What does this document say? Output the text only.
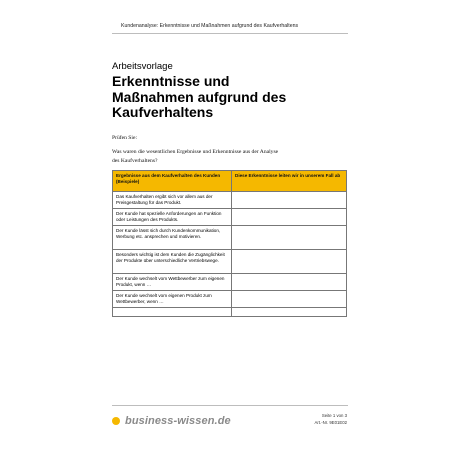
Kundenanalyse: Erkenntnisse und Maßnahmen aufgrund des Kaufverhaltens
Arbeitsvorlage
Erkenntnisse und
Maßnahmen aufgrund des
Kaufverhaltens
Prüfen Sie:
Was waren die wesentlichen Ergebnisse und Erkenntnisse aus der Analyse
des Kaufverhaltens?
Ergebnisse aus dem Kaufverhalten des Kunden (Beispiele)	Diese Erkenntnisse leiten wir in unserem Fall ab
Das Kaufverhalten ergibt sich vor allem aus der Preisgestaltung für das Produkt.	
Der Kunde hat spezielle Anforderungen an Funktion oder Leistungen des Produkts.	
Der Kunde lässt sich durch Kundenkommunikation, Werbung etc. ansprechen und motivieren.	
Besonders wichtig ist dem Kunden die Zugänglichkeit der Produkte über unterschiedliche Vertriebswege.	
Der Kunde wechselt vom Wettbewerber zum eigenen Produkt, wenn …	
Der Kunde wechselt vom eigenen Produkt zum Wettbewerber, wenn …	

business-wissen.de	Seite 1 von 3
Art.-Nr. 9E01E02
